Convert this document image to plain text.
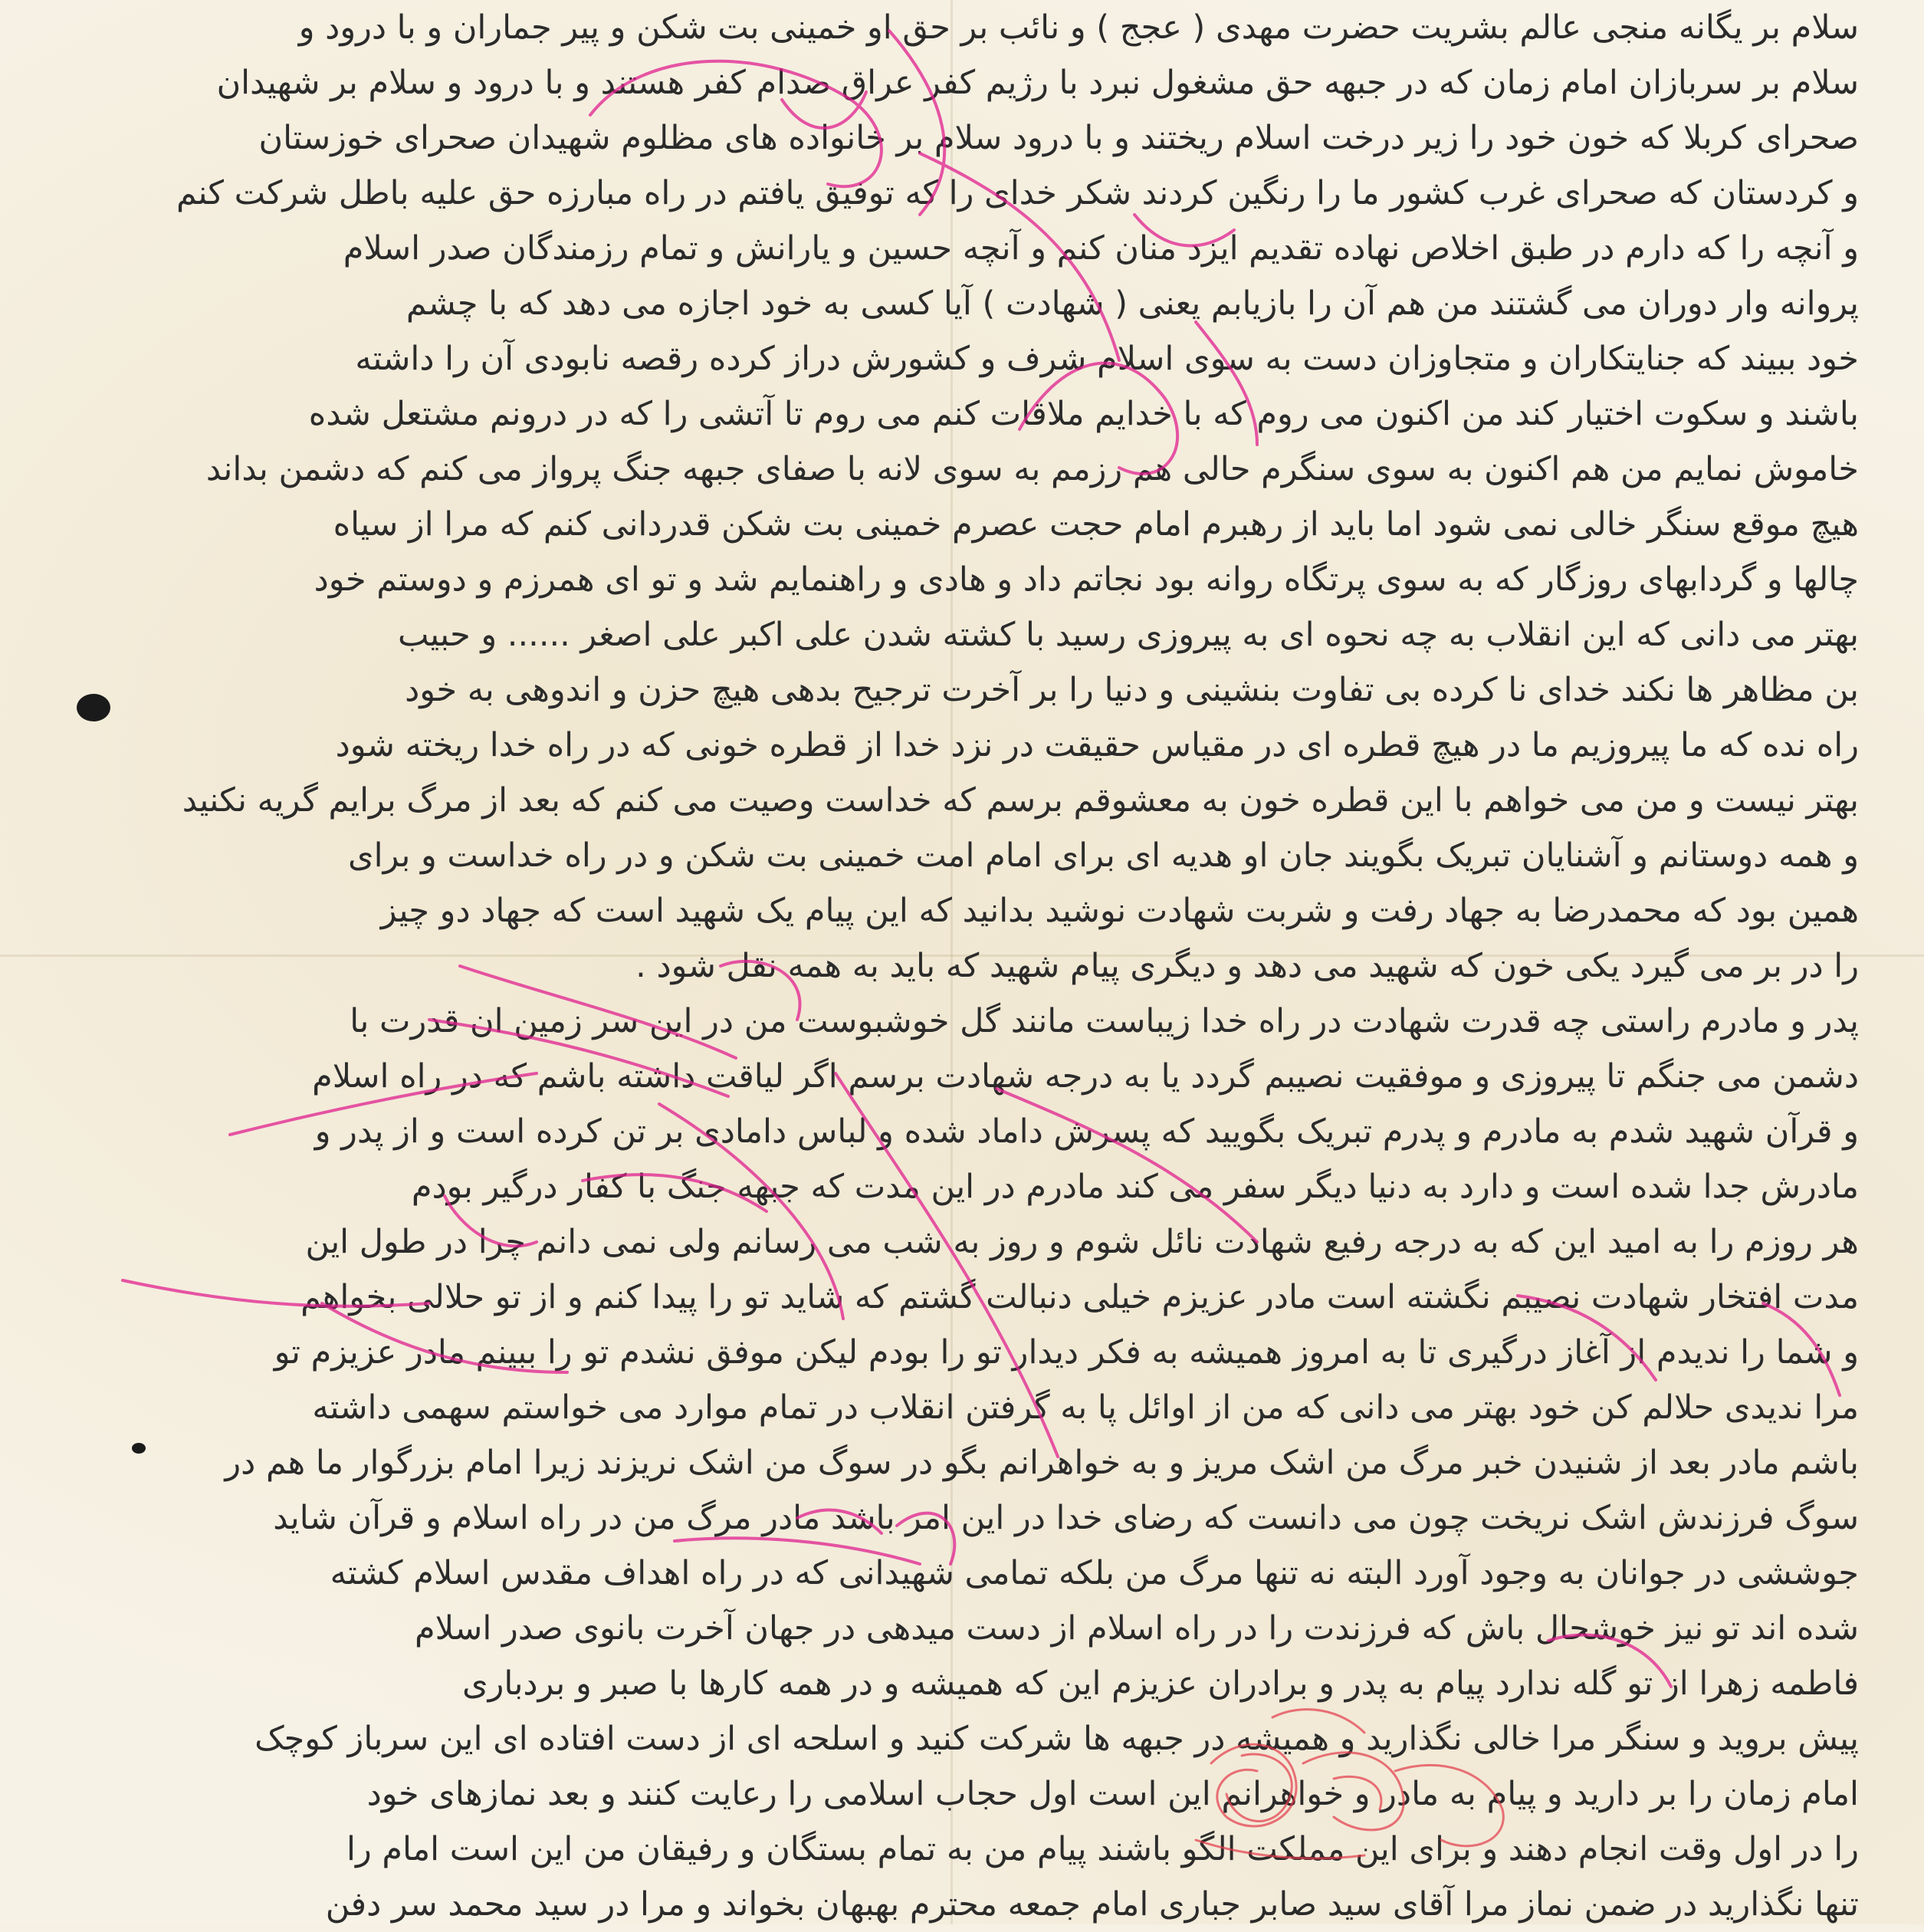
سلام بر یگانه منجی عالم بشریت حضرت مهدی ( عجج ) و نائب بر حق او خمینی بت شکن و پیر جماران و با درود و
سلام بر سربازان امام زمان که در جبهه حق مشغول نبرد با رژیم کفر عراق صدام کفر هستند و با درود و سلام بر شهیدان
صحرای کربلا که خون خود را زیر درخت اسلام ریختند و با درود سلام بر خانواده های مظلوم شهیدان صحرای خوزستان
و کردستان که صحرای غرب کشور ما را رنگین کردند شکر خدای را که توفیق یافتم در راه مبارزه حق علیه باطل شرکت کنم
و آنچه را که دارم در طبق اخلاص نهاده تقدیم ایزد منان کنم و آنچه حسین و یارانش و تمام رزمندگان صدر اسلام
پروانه وار دوران می گشتند من هم آن را بازیابم یعنی ( شهادت ) آیا کسی به خود اجازه می دهد که با چشم
خود ببیند که جنایتکاران و متجاوزان دست به سوی اسلام شرف و کشورش دراز کرده رقصه نابودی آن را داشته
باشند و سکوت اختیار کند من اکنون می روم که با خدایم ملاقات کنم می روم تا آتشی را که در درونم مشتعل شده
خاموش نمایم من هم اکنون به سوی سنگرم حالی هم رزمم به سوی لانه با صفای جبهه جنگ پرواز می کنم که دشمن بداند
هیچ موقع سنگر خالی نمی شود اما باید از رهبرم امام حجت عصرم خمینی بت شکن قدردانی کنم که مرا از سیاه
چالها و گردابهای روزگار که به سوی پرتگاه روانه بود نجاتم داد و هادی و راهنمایم شد و تو ای همرزم و دوستم خود
بهتر می دانی که این انقلاب به چه نحوه ای به پیروزی رسید با کشته شدن علی اکبر علی اصغر ...... و حبیب
بن مظاهر ها نکند خدای نا کرده بی تفاوت بنشینی و دنیا را بر آخرت ترجیح بدهی هیچ حزن و اندوهی به خود
راه نده که ما پیروزیم ما در هیچ قطره ای در مقیاس حقیقت در نزد خدا از قطره خونی که در راه خدا ریخته شود
بهتر نیست و من می خواهم با این قطره خون به معشوقم برسم که خداست وصیت می کنم که بعد از مرگ برایم گریه نکنید
و همه دوستانم و آشنایان تبریک بگویند جان او هدیه ای برای امام امت خمینی بت شکن و در راه خداست و برای
همین بود که محمدرضا به جهاد رفت و شربت شهادت نوشید بدانید که این پیام یک شهید است که جهاد دو چیز
را در بر می گیرد یکی خون که شهید می دهد و دیگری پیام شهید که باید به همه نقل شود .
پدر و مادرم راستی چه قدرت شهادت در راه خدا زیباست مانند گل خوشبوست من در این سر زمین ان قدرت با
دشمن می جنگم تا پیروزی و موفقیت نصیبم گردد یا به درجه شهادت برسم اگر لیاقت داشته باشم که در راه اسلام
و قرآن شهید شدم به مادرم و پدرم تبریک بگویید که پسرش داماد شده و لباس دامادی بر تن کرده است و از پدر و
مادرش جدا شده است و دارد به دنیا دیگر سفر می کند مادرم در این مدت که جبهه جنگ با کفار درگیر بودم
هر روزم را به امید این که به درجه رفیع شهادت نائل شوم و روز به شب می رسانم ولی نمی دانم چرا در طول این
مدت افتخار شهادت نصیبم نگشته است مادر عزیزم خیلی دنبالت گشتم که شاید تو را پیدا کنم و از تو حلالی بخواهم
و شما را ندیدم از آغاز درگیری تا به امروز همیشه به فکر دیدار تو را بودم لیکن موفق نشدم تو را ببینم مادر عزیزم تو
مرا ندیدی حلالم کن خود بهتر می دانی که من از اوائل پا به گرفتن انقلاب در تمام موارد می خواستم سهمی داشته
باشم مادر بعد از شنیدن خبر مرگ من اشک مریز و به خواهرانم بگو در سوگ من اشک نریزند زیرا امام بزرگوار ما هم در
سوگ فرزندش اشک نریخت چون می دانست که رضای خدا در این امر باشد مادر مرگ من در راه اسلام و قرآن شاید
جوششی در جوانان به وجود آورد البته نه تنها مرگ من بلکه تمامی شهیدانی که در راه اهداف مقدس اسلام کشته
شده اند تو نیز خوشحال باش که فرزندت را در راه اسلام از دست میدهی در جهان آخرت بانوی صدر اسلام
فاطمه زهرا از تو گله ندارد پیام به پدر و برادران عزیزم این که همیشه و در همه کارها با صبر و بردباری
پیش بروید و سنگر مرا خالی نگذارید و همیشه در جبهه ها شرکت کنید و اسلحه ای از دست افتاده ای این سرباز کوچک
امام زمان را بر دارید و پیام به مادر و خواهرانم این است اول حجاب اسلامی را رعایت کنند و بعد نمازهای خود
را در اول وقت انجام دهند و برای این مملکت الگو باشند پیام من به تمام بستگان و رفیقان من این است امام را
تنها نگذارید در ضمن نماز مرا آقای سید صابر جباری امام جمعه محترم بهبهان بخواند و مرا در سید محمد سر دفن
